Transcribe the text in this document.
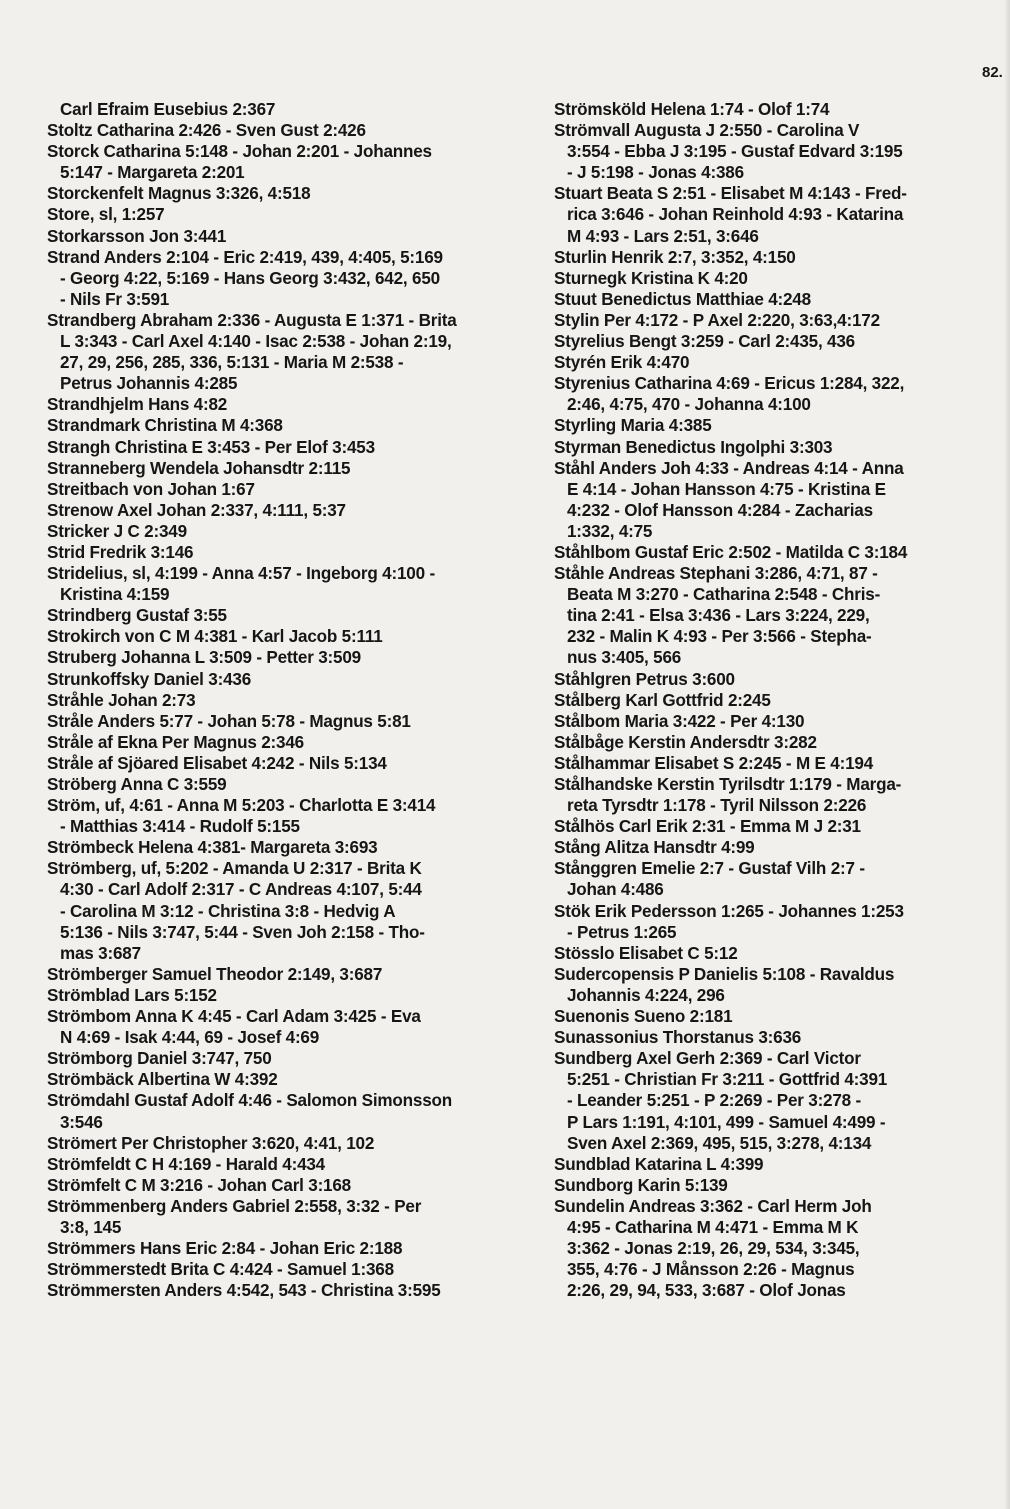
82.
Carl Efraim Eusebius 2:367
Stoltz Catharina 2:426 - Sven Gust 2:426
Storck Catharina 5:148 - Johan 2:201 - Johannes
5:147 - Margareta 2:201
Storckenfelt Magnus 3:326, 4:518
Store, sl, 1:257
Storkarsson Jon 3:441
Strand Anders 2:104 - Eric 2:419, 439, 4:405, 5:169
- Georg 4:22, 5:169 - Hans Georg 3:432, 642, 650
- Nils Fr 3:591
Strandberg Abraham 2:336 - Augusta E 1:371 - Brita
L 3:343 - Carl Axel 4:140 - Isac 2:538 - Johan 2:19,
27, 29, 256, 285, 336, 5:131 - Maria M 2:538 -
Petrus Johannis 4:285
Strandhjelm Hans 4:82
Strandmark Christina M 4:368
Strangh Christina E 3:453 - Per Elof 3:453
Stranneberg Wendela Johansdtr 2:115
Streitbach von Johan 1:67
Strenow Axel Johan 2:337, 4:111, 5:37
Stricker J C 2:349
Strid Fredrik 3:146
Stridelius, sl, 4:199 - Anna 4:57 - Ingeborg 4:100 -
Kristina 4:159
Strindberg Gustaf 3:55
Strokirch von C M 4:381 - Karl Jacob 5:111
Struberg Johanna L 3:509 - Petter 3:509
Strunkoffsky Daniel 3:436
Stråhle Johan 2:73
Stråle Anders 5:77 - Johan 5:78 - Magnus 5:81
Stråle af Ekna Per Magnus 2:346
Stråle af Sjöared Elisabet 4:242 - Nils 5:134
Ströberg Anna C 3:559
Ström, uf, 4:61 - Anna M 5:203 - Charlotta E 3:414
- Matthias 3:414 - Rudolf 5:155
Strömbeck Helena 4:381- Margareta 3:693
Strömberg, uf, 5:202 - Amanda U 2:317 - Brita K
4:30 - Carl Adolf 2:317 - C Andreas 4:107, 5:44
- Carolina M 3:12 - Christina 3:8 - Hedvig A
5:136 - Nils 3:747, 5:44 - Sven Joh 2:158 - Tho-
mas 3:687
Strömberger Samuel Theodor 2:149, 3:687
Strömblad Lars 5:152
Strömbom Anna K 4:45 - Carl Adam 3:425 - Eva
N 4:69 - Isak 4:44, 69 - Josef 4:69
Strömborg Daniel 3:747, 750
Strömbäck Albertina W 4:392
Strömdahl Gustaf Adolf 4:46 - Salomon Simonsson
3:546
Strömert Per Christopher 3:620, 4:41, 102
Strömfeldt C H 4:169 - Harald 4:434
Strömfelt C M 3:216 - Johan Carl 3:168
Strömmenberg Anders Gabriel 2:558, 3:32 - Per
3:8, 145
Strömmers Hans Eric 2:84 - Johan Eric 2:188
Strömmerstedt Brita C 4:424 - Samuel 1:368
Strömmersten Anders 4:542, 543 - Christina 3:595
Strömsköld Helena 1:74 - Olof 1:74
Strömvall Augusta J 2:550 - Carolina V
3:554 - Ebba J 3:195 - Gustaf Edvard 3:195
- J 5:198 - Jonas 4:386
Stuart Beata S 2:51 - Elisabet M 4:143 - Fred-
rica 3:646 - Johan Reinhold 4:93 - Katarina
M 4:93 - Lars 2:51, 3:646
Sturlin Henrik 2:7, 3:352, 4:150
Sturnegk Kristina K 4:20
Stuut Benedictus Matthiae 4:248
Stylin Per 4:172 - P Axel 2:220, 3:63,4:172
Styrelius Bengt 3:259 - Carl 2:435, 436
Styrén Erik 4:470
Styrenius Catharina 4:69 - Ericus 1:284, 322,
2:46, 4:75, 470 - Johanna 4:100
Styrling Maria 4:385
Styrman Benedictus Ingolphi 3:303
Ståhl Anders Joh 4:33 - Andreas 4:14 - Anna
E 4:14 - Johan Hansson 4:75 - Kristina E
4:232 - Olof Hansson 4:284 - Zacharias
1:332, 4:75
Ståhlbom Gustaf Eric 2:502 - Matilda C 3:184
Ståhle Andreas Stephani 3:286, 4:71, 87 -
Beata M 3:270 - Catharina 2:548 - Chris-
tina 2:41 - Elsa 3:436 - Lars 3:224, 229,
232 - Malin K 4:93 - Per 3:566 - Stepha-
nus 3:405, 566
Ståhlgren Petrus 3:600
Stålberg Karl Gottfrid 2:245
Stålbom Maria 3:422 - Per 4:130
Stålbåge Kerstin Andersdtr 3:282
Stålhammar Elisabet S 2:245 - M E 4:194
Stålhandske Kerstin Tyrilsdtr 1:179 - Marga-
reta Tyrsdtr 1:178 - Tyril Nilsson 2:226
Stålhös Carl Erik 2:31 - Emma M J 2:31
Stång Alitza Hansdtr 4:99
Stånggren Emelie 2:7 - Gustaf Vilh 2:7 -
Johan 4:486
Stök Erik Pedersson 1:265 - Johannes 1:253
- Petrus 1:265
Stösslo Elisabet C 5:12
Sudercopensis P Danielis 5:108 - Ravaldus
Johannis 4:224, 296
Suenonis Sueno 2:181
Sunassonius Thorstanus 3:636
Sundberg Axel Gerh 2:369 - Carl Victor
5:251 - Christian Fr 3:211 - Gottfrid 4:391
- Leander 5:251 - P 2:269 - Per 3:278 -
P Lars 1:191, 4:101, 499 - Samuel 4:499 -
Sven Axel 2:369, 495, 515, 3:278, 4:134
Sundblad Katarina L 4:399
Sundborg Karin 5:139
Sundelin Andreas 3:362 - Carl Herm Joh
4:95 - Catharina M 4:471 - Emma M K
3:362 - Jonas 2:19, 26, 29, 534, 3:345,
355, 4:76 - J Månsson 2:26 - Magnus
2:26, 29, 94, 533, 3:687 - Olof Jonas
